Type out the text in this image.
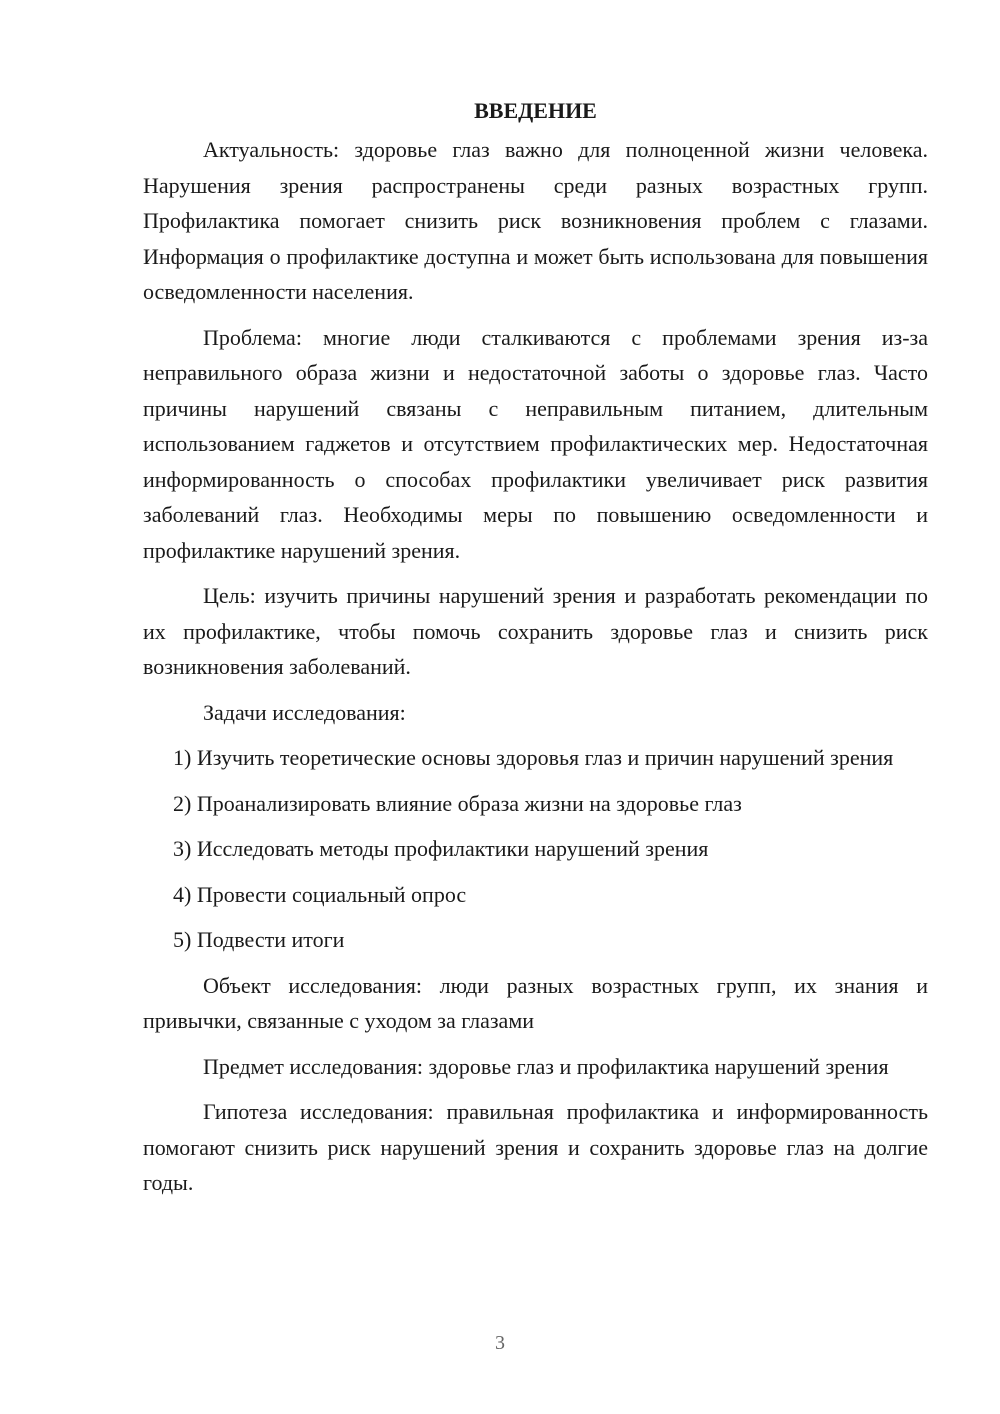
ВВЕДЕНИЕ

Актуальность: здоровье глаз важно для полноценной жизни человека. Нарушения зрения распространены среди разных возрастных групп. Профилактика помогает снизить риск возникновения проблем с глазами. Информация о профилактике доступна и может быть использована для повышения осведомленности населения.

Проблема: многие люди сталкиваются с проблемами зрения из-за неправильного образа жизни и недостаточной заботы о здоровье глаз. Часто причины нарушений связаны с неправильным питанием, длительным использованием гаджетов и отсутствием профилактических мер. Недостаточная информированность о способах профилактики увеличивает риск развития заболеваний глаз. Необходимы меры по повышению осведомленности и профилактике нарушений зрения.

Цель: изучить причины нарушений зрения и разработать рекомендации по их профилактике, чтобы помочь сохранить здоровье глаз и снизить риск возникновения заболеваний.

Задачи исследования:

1) Изучить теоретические основы здоровья глаз и причин нарушений зрения

2) Проанализировать влияние образа жизни на здоровье глаз

3) Исследовать методы профилактики нарушений зрения

4) Провести социальный опрос

5) Подвести итоги

Объект исследования: люди разных возрастных групп, их знания и привычки, связанные с уходом за глазами

Предмет исследования: здоровье глаз и профилактика нарушений зрения

Гипотеза исследования: правильная профилактика и информированность помогают снизить риск нарушений зрения и сохранить здоровье глаз на долгие годы.

3
